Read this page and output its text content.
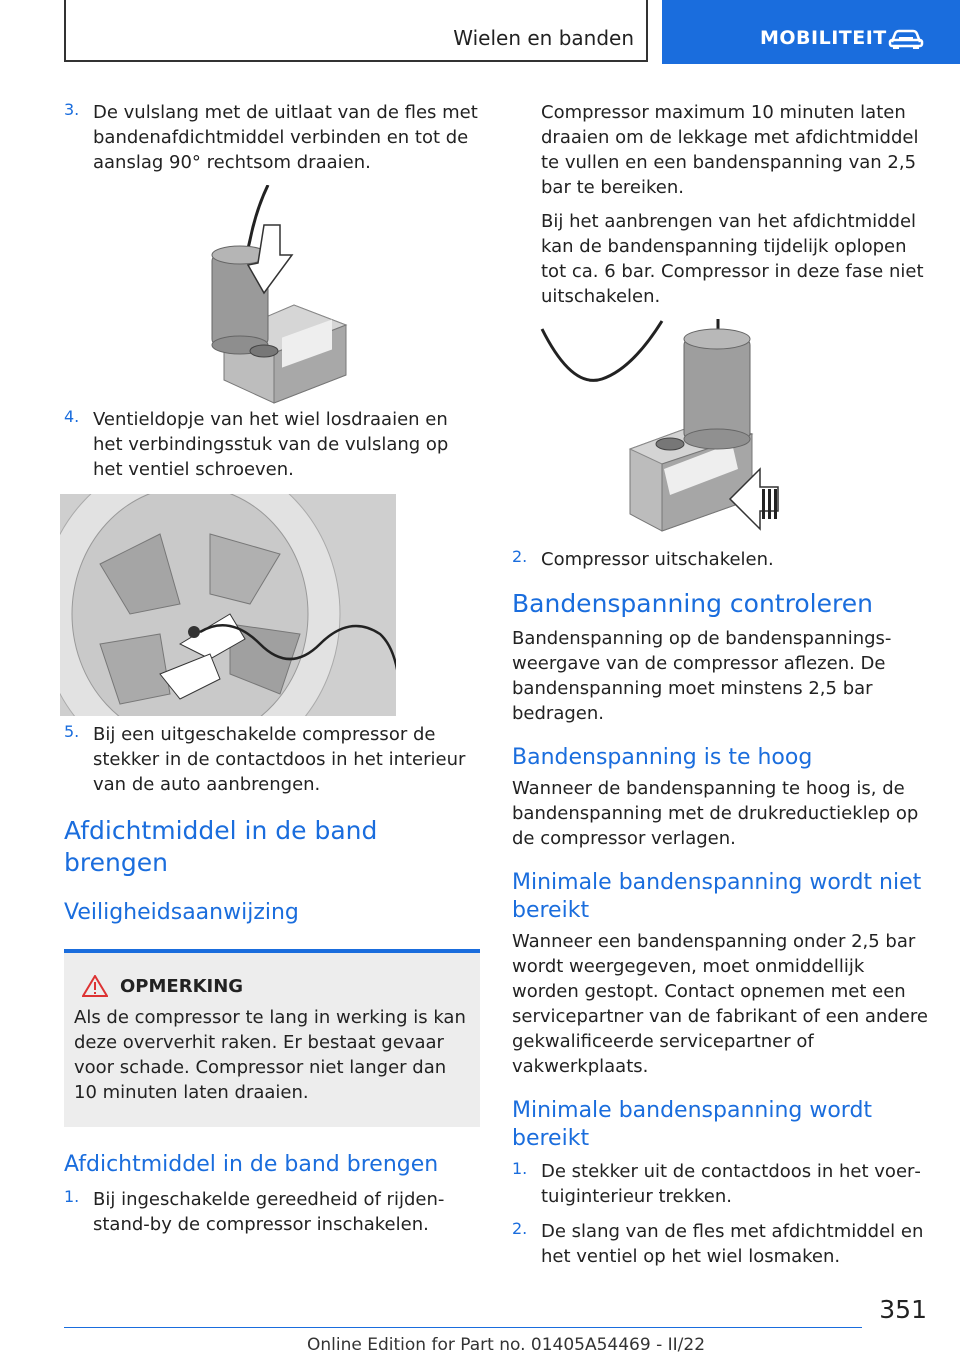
Wielen en banden	MOBILITEIT
3. De vulslang met de uitlaat van de fles met bandenafdichtmiddel verbinden en tot de aanslag 90° rechtsom draaien.

4. Ventieldopje van het wiel losdraaien en het verbindingsstuk van de vulslang op het ventiel schroeven.

5. Bij een uitgeschakelde compressor de stekker in de contactdoos in het interieur van de auto aanbrengen.

Afdichtmiddel in de band brengen
Veiligheidsaanwijzing
OPMERKING

Als de compressor te lang in werking is kan deze oververhit raken. Er bestaat gevaar voor schade. Compressor niet langer dan 10 minuten laten draaien.

Afdichtmiddel in de band brengen
1. Bij ingeschakelde gereedheid of rijdenstand-by de compressor inschakelen.

Compressor maximum 10 minuten laten draaien om de lekkage met afdichtmiddel te vullen en een bandenspanning van 2,5 bar te bereiken.

Bij het aanbrengen van het afdichtmiddel kan de bandenspanning tijdelijk oplopen tot ca. 6 bar. Compressor in deze fase niet uitschakelen.

2. Compressor uitschakelen.

Bandenspanning controleren

Bandenspanning op de bandenspanningsweergave van de compressor aflezen. De bandenspanning moet minstens 2,5 bar bedragen.

Bandenspanning is te hoog

Wanneer de bandenspanning te hoog is, de bandenspanning met de drukreductieklep op de compressor verlagen.

Minimale bandenspanning wordt niet bereikt

Wanneer een bandenspanning onder 2,5 bar wordt weergegeven, moet onmiddellijk worden gestopt. Contact opnemen met een servicepartner van de fabrikant of een andere gekwalificeerde servicepartner of vakwerkplaats.

Minimale bandenspanning wordt bereikt
1. De stekker uit de contactdoos in het voertuiginterieur trekken.

2. De slang van de fles met afdichtmiddel en het ventiel op het wiel losmaken.

351
Online Edition for Part no. 01405A54469 - II/22
